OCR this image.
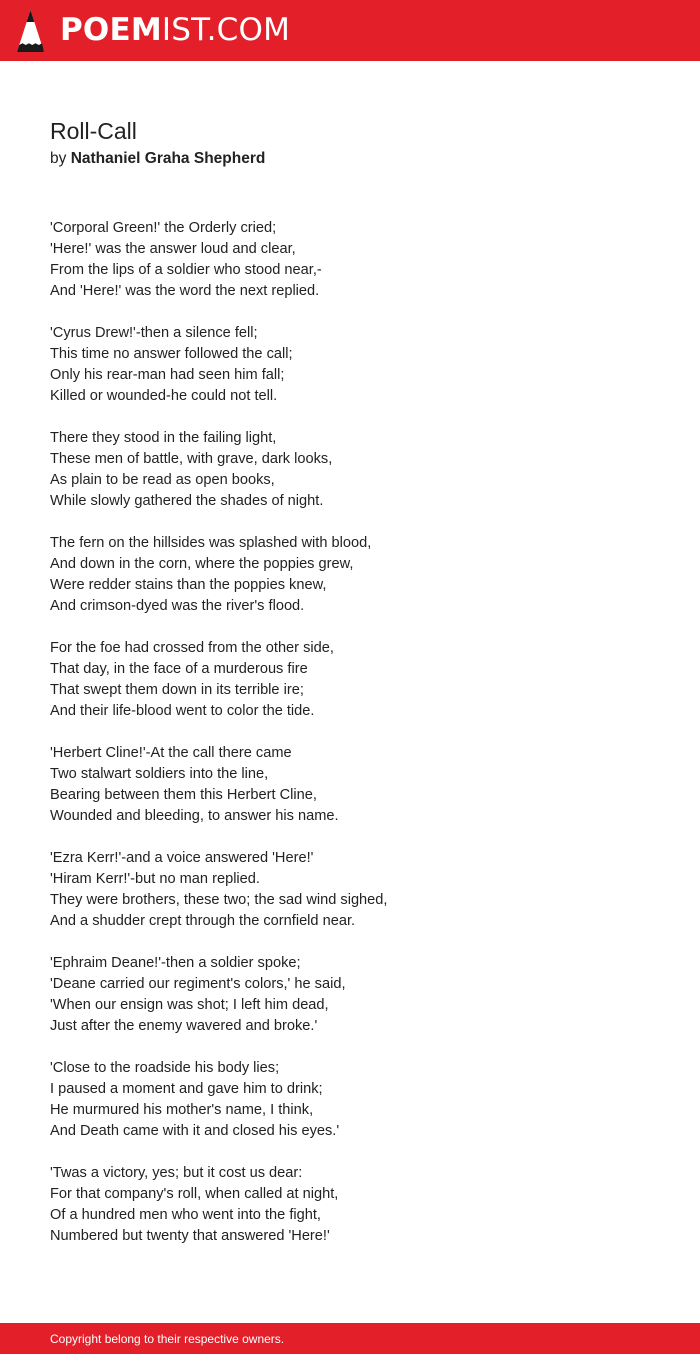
POEMIST.COM
Roll-Call
by Nathaniel Graha Shepherd
'Corporal Green!' the Orderly cried;
'Here!' was the answer loud and clear,
From the lips of a soldier who stood near,-
And 'Here!' was the word the next replied.
'Cyrus Drew!'-then a silence fell;
This time no answer followed the call;
Only his rear-man had seen him fall;
Killed or wounded-he could not tell.
There they stood in the failing light,
These men of battle, with grave, dark looks,
As plain to be read as open books,
While slowly gathered the shades of night.
The fern on the hillsides was splashed with blood,
And down in the corn, where the poppies grew,
Were redder stains than the poppies knew,
And crimson-dyed was the river's flood.
For the foe had crossed from the other side,
That day, in the face of a murderous fire
That swept them down in its terrible ire;
And their life-blood went to color the tide.
'Herbert Cline!'-At the call there came
Two stalwart soldiers into the line,
Bearing between them this Herbert Cline,
Wounded and bleeding, to answer his name.
'Ezra Kerr!'-and a voice answered 'Here!'
'Hiram Kerr!'-but no man replied.
They were brothers, these two; the sad wind sighed,
And a shudder crept through the cornfield near.
'Ephraim Deane!'-then a soldier spoke;
'Deane carried our regiment's colors,' he said,
'When our ensign was shot; I left him dead,
Just after the enemy wavered and broke.'
'Close to the roadside his body lies;
I paused a moment and gave him to drink;
He murmured his mother's name, I think,
And Death came with it and closed his eyes.'
'Twas a victory, yes; but it cost us dear:
For that company's roll, when called at night,
Of a hundred men who went into the fight,
Numbered but twenty that answered 'Here!'
Copyright belong to their respective owners.
